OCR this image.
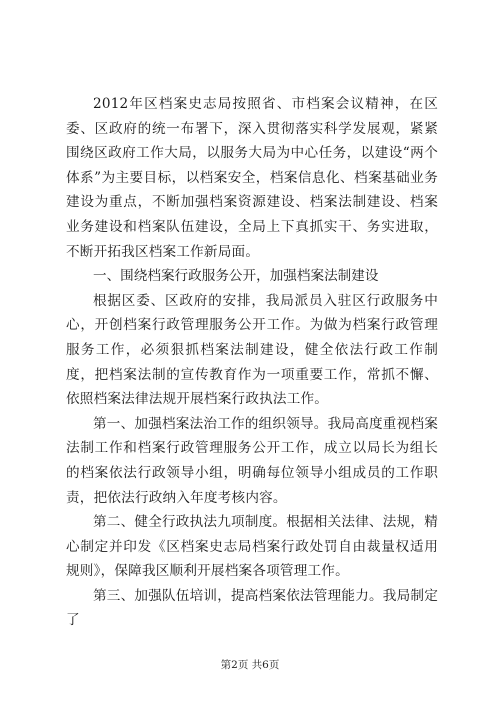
2012年区档案史志局按照省、市档案会议精神，在区委、区政府的统一布署下，深入贯彻落实科学发展观，紧紧围绕区政府工作大局，以服务大局为中心任务，以建设“两个体系”为主要目标，以档案安全，档案信息化、档案基础业务建设为重点，不断加强档案资源建设、档案法制建设、档案业务建设和档案队伍建设，全局上下真抓实干、务实进取，不断开拓我区档案工作新局面。

一、围绕档案行政服务公开，加强档案法制建设

根据区委、区政府的安排，我局派员入驻区行政服务中心，开创档案行政管理服务公开工作。为做为档案行政管理服务工作，必须狠抓档案法制建设，健全依法行政工作制度，把档案法制的宣传教育作为一项重要工作，常抓不懈、依照档案法律法规开展档案行政执法工作。

第一、加强档案法治工作的组织领导。我局高度重视档案法制工作和档案行政管理服务公开工作，成立以局长为组长的档案依法行政领导小组，明确每位领导小组成员的工作职责，把依法行政纳入年度考核内容。

第二、健全行政执法九项制度。根据相关法律、法规，精心制定并印发《区档案史志局档案行政处罚自由裁量权适用规则》，保障我区顺利开展档案各项管理工作。

第三、加强队伍培训，提高档案依法管理能力。我局制定了

第2页 共6页
